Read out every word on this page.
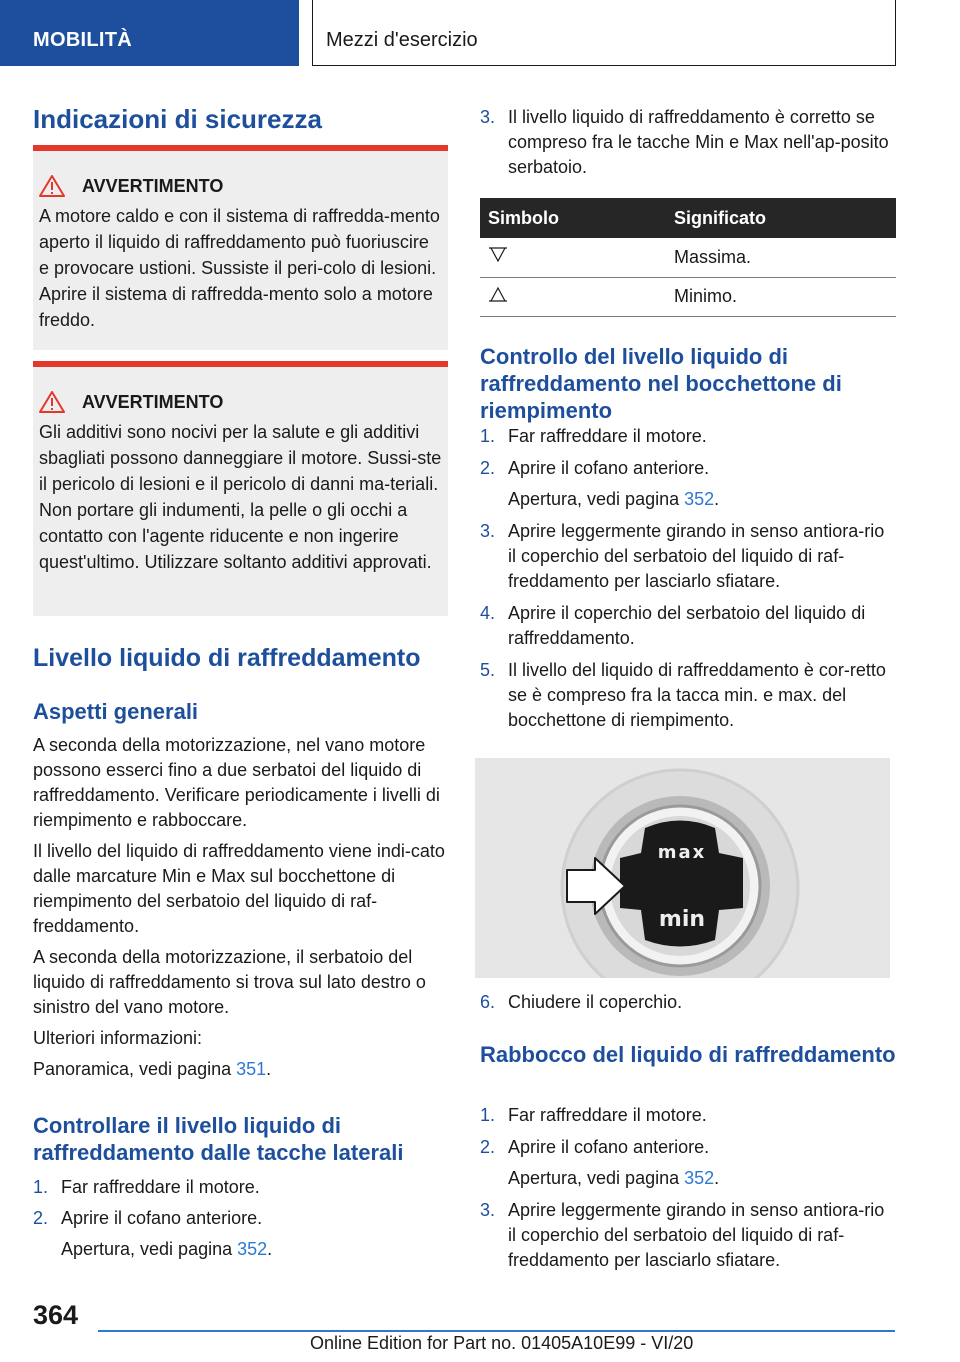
MOBILITÀ	Mezzi d'esercizio
Indicazioni di sicurezza
AVVERTIMENTO

A motore caldo e con il sistema di raffredda-mento aperto il liquido di raffreddamento può fuoriuscire e provocare ustioni. Sussiste il peri-colo di lesioni. Aprire il sistema di raffredda-mento solo a motore freddo.

AVVERTIMENTO

Gli additivi sono nocivi per la salute e gli additivi sbagliati possono danneggiare il motore. Sussi-ste il pericolo di lesioni e il pericolo di danni ma-teriali. Non portare gli indumenti, la pelle o gli occhi a contatto con l'agente riducente e non ingerire quest'ultimo. Utilizzare soltanto additivi approvati.

Livello liquido di raffreddamento
Aspetti generali

A seconda della motorizzazione, nel vano motore possono esserci fino a due serbatoi del liquido di raffreddamento. Verificare periodicamente i livelli di riempimento e rabboccare.

Il livello del liquido di raffreddamento viene indi-cato dalle marcature Min e Max sul bocchettone di riempimento del serbatoio del liquido di raf-freddamento.

A seconda della motorizzazione, il serbatoio del liquido di raffreddamento si trova sul lato destro o sinistro del vano motore.

Ulteriori informazioni:

Panoramica, vedi pagina 351.

Controllare il livello liquido di raffreddamento dalle tacche laterali
1. Far raffreddare il motore.
2. Aprire il cofano anteriore.
Apertura, vedi pagina 352.
3. Il livello liquido di raffreddamento è corretto se compreso fra le tacche Min e Max nell'ap-posito serbatoio.
Simbolo	Significato
	Massima.
	Minimo.
Controllo del livello liquido di raffreddamento nel bocchettone di riempimento
1. Far raffreddare il motore.
2. Aprire il cofano anteriore.
Apertura, vedi pagina 352.
3. Aprire leggermente girando in senso antiora-rio il coperchio del serbatoio del liquido di raf-freddamento per lasciarlo sfiatare.
4. Aprire il coperchio del serbatoio del liquido di raffreddamento.
5. Il livello del liquido di raffreddamento è cor-retto se è compreso fra la tacca min. e max. del bocchettone di riempimento.
max
min
6. Chiudere il coperchio.
Rabbocco del liquido di raffreddamento
1. Far raffreddare il motore.
2. Aprire il cofano anteriore.
Apertura, vedi pagina 352.
3. Aprire leggermente girando in senso antiora-rio il coperchio del serbatoio del liquido di raf-freddamento per lasciarlo sfiatare.
364
Online Edition for Part no. 01405A10E99 - VI/20
